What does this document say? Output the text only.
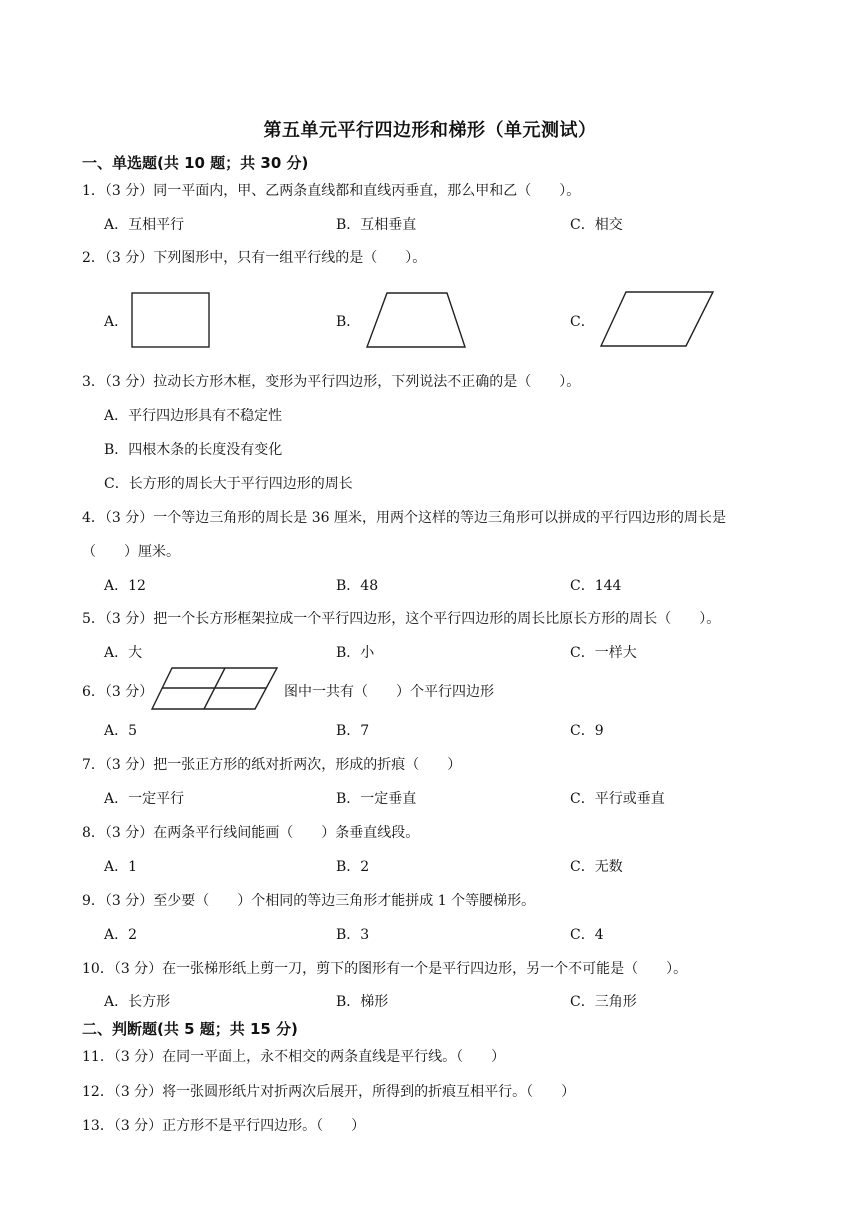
第五单元平行四边形和梯形（单元测试）
一、单选题(共 10 题；共 30 分)
1．（3 分）同一平面内，甲、乙两条直线都和直线丙垂直，那么甲和乙（　　）。
A．互相平行	B．互相垂直	C．相交
2．（3 分）下列图形中，只有一组平行线的是（　　）。
A．	B．	C．
3．（3 分）拉动长方形木框，变形为平行四边形，下列说法不正确的是（　　）。
A．平行四边形具有不稳定性
B．四根木条的长度没有变化
C．长方形的周长大于平行四边形的周长
4．（3 分）一个等边三角形的周长是 36 厘米，用两个这样的等边三角形可以拼成的平行四边形的周长是
（　　）厘米。
A．12	B．48	C．144
5．（3 分）把一个长方形框架拉成一个平行四边形，这个平行四边形的周长比原长方形的周长（　　）。
A．大	B．小	C．一样大
6．（3 分）	图中一共有（　　）个平行四边形
A．5	B．7	C．9
7．（3 分）把一张正方形的纸对折两次，形成的折痕（　　）
A．一定平行	B．一定垂直	C．平行或垂直
8．（3 分）在两条平行线间能画（　　）条垂直线段。
A．1	B．2	C．无数
9．（3 分）至少要（　　）个相同的等边三角形才能拼成 1 个等腰梯形。
A．2	B．3	C．4
10．（3 分）在一张梯形纸上剪一刀，剪下的图形有一个是平行四边形，另一个不可能是（　　）。
A．长方形	B．梯形	C．三角形
二、判断题(共 5 题；共 15 分)
11．（3 分）在同一平面上，永不相交的两条直线是平行线。（　　）
12．（3 分）将一张圆形纸片对折两次后展开，所得到的折痕互相平行。（　　）
13．（3 分）正方形不是平行四边形。（　　）
